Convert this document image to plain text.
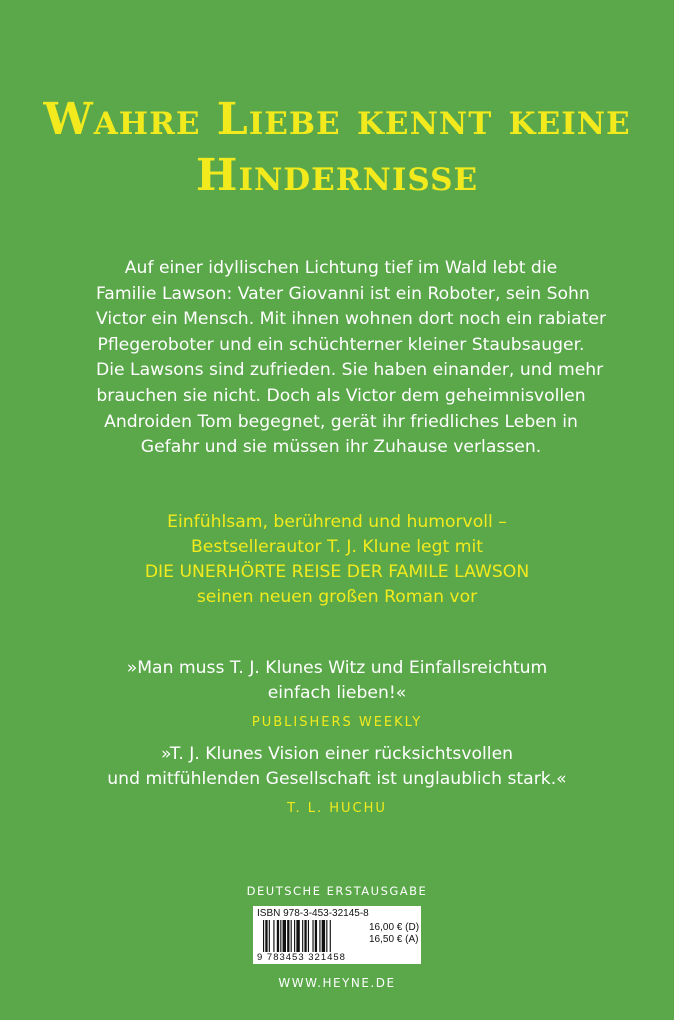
Wahre Liebe kennt keine
Hindernisse
Auf einer idyllischen Lichtung tief im Wald lebt die
Familie Lawson: Vater Giovanni ist ein Roboter, sein Sohn
Victor ein Mensch. Mit ihnen wohnen dort noch ein rabiater
Pflegeroboter und ein schüchterner kleiner Staubsauger.
Die Lawsons sind zufrieden. Sie haben einander, und mehr
brauchen sie nicht. Doch als Victor dem geheimnisvollen
Androiden Tom begegnet, gerät ihr friedliches Leben in
Gefahr und sie müssen ihr Zuhause verlassen.
Einfühlsam, berührend und humorvoll –
Bestsellerautor T. J. Klune legt mit
DIE UNERHÖRTE REISE DER FAMILE LAWSON
seinen neuen großen Roman vor
»Man muss T. J. Klunes Witz und Einfallsreichtum
einfach lieben!«
PUBLISHERS WEEKLY
»T. J. Klunes Vision einer rücksichtsvollen
und mitfühlenden Gesellschaft ist unglaublich stark.«
T. L. HUCHU
DEUTSCHE ERSTAUSGABE
ISBN 978-3-453-32145-8
9 783453 321458
16,00 € (D)
16,50 € (A)
WWW.HEYNE.DE
